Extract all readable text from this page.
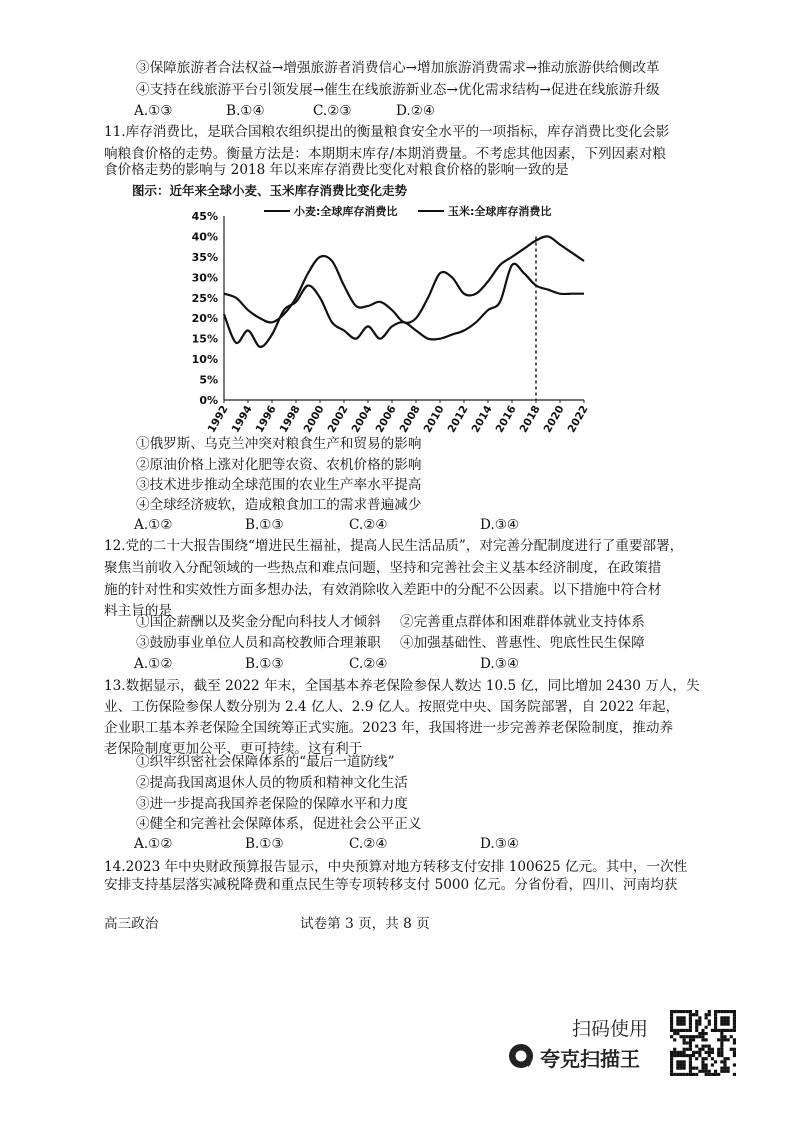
③保障旅游者合法权益→增强旅游者消费信心→增加旅游消费需求→推动旅游供给侧改革
④支持在线旅游平台引领发展→催生在线旅游新业态→优化需求结构→促进在线旅游升级
A.①③	B.①④	C.②③	D.②④
11.库存消费比，是联合国粮农组织提出的衡量粮食安全水平的一项指标，库存消费比变化会影
响粮食价格的走势。衡量方法是：本期期末库存/本期消费量。不考虑其他因素，下列因素对粮
食价格走势的影响与 2018 年以来库存消费比变化对粮食价格的影响一致的是
图示：近年来全球小麦、玉米库存消费比变化走势
小麦:全球库存消费比	玉米:全球库存消费比
0%
5%
10%
15%
20%
25%
30%
35%
40%
45%
1992
1994
1996
1998
2000
2002
2004
2006
2008
2010
2012
2014
2016
2018
2020
2022
①俄罗斯、乌克兰冲突对粮食生产和贸易的影响
②原油价格上涨对化肥等农资、农机价格的影响
③技术进步推动全球范围的农业生产率水平提高
④全球经济疲软，造成粮食加工的需求普遍减少
A.①②	B.①③	C.②④	D.③④
12.党的二十大报告围绕“增进民生福祉，提高人民生活品质”，对完善分配制度进行了重要部署，
聚焦当前收入分配领域的一些热点和难点问题，坚持和完善社会主义基本经济制度，在政策措
施的针对性和实效性方面多想办法，有效消除收入差距中的分配不公因素。以下措施中符合材
料主旨的是
①国企薪酬以及奖金分配向科技人才倾斜 ②完善重点群体和困难群体就业支持体系
③鼓励事业单位人员和高校教师合理兼职 ④加强基础性、普惠性、兜底性民生保障
A.①②	B.①③	C.②④	D.③④
13.数据显示，截至 2022 年末，全国基本养老保险参保人数达 10.5 亿，同比增加 2430 万人，失
业、工伤保险参保人数分别为 2.4 亿人、2.9 亿人。按照党中央、国务院部署，自 2022 年起，
企业职工基本养老保险全国统筹正式实施。2023 年，我国将进一步完善养老保险制度，推动养
老保险制度更加公平、更可持续。这有利于
①织牢织密社会保障体系的“最后一道防线”
②提高我国离退休人员的物质和精神文化生活
③进一步提高我国养老保险的保障水平和力度
④健全和完善社会保障体系，促进社会公平正义
A.①②	B.①③	C.②④	D.③④
14.2023 年中央财政预算报告显示，中央预算对地方转移支付安排 100625 亿元。其中，一次性
安排支持基层落实减税降费和重点民生等专项转移支付 5000 亿元。分省份看，四川、河南均获
高三政治	试卷第 3 页，共 8 页
扫码使用
夸克扫描王
